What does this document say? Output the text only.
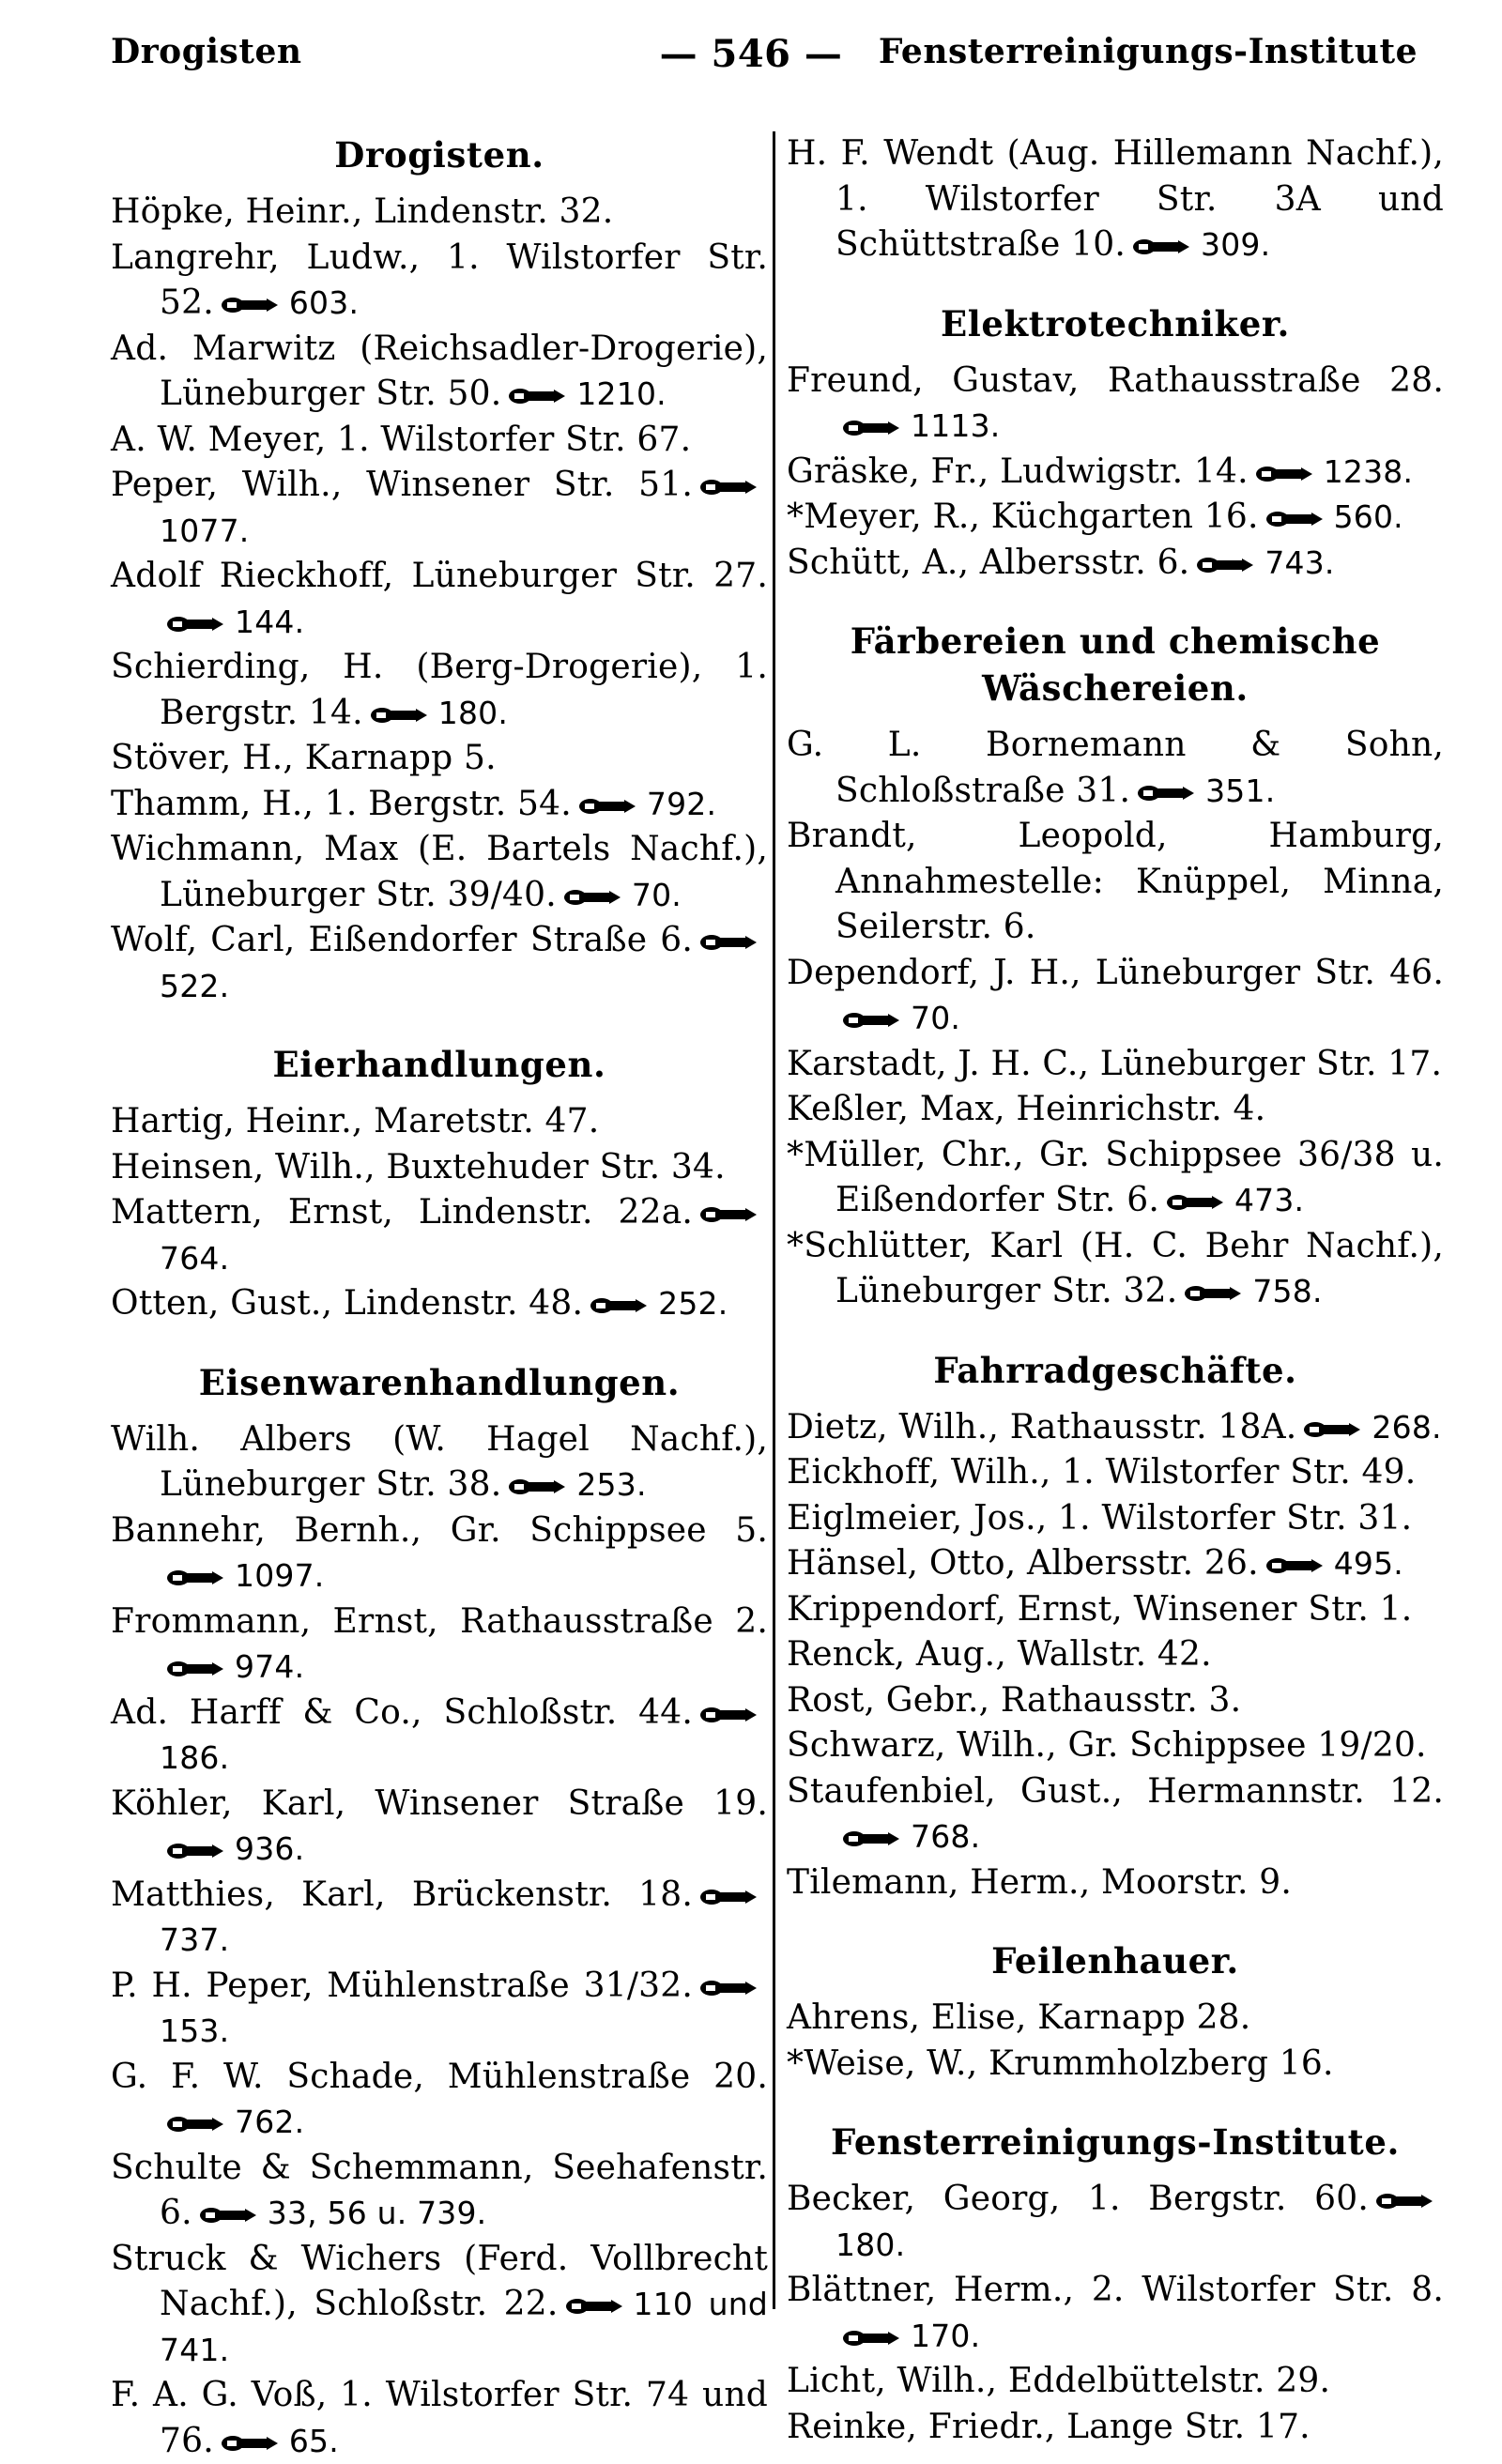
— 546 —
Drogisten	Fensterreinigungs-Institute
Drogisten.
Höpke, Heinr., Lindenstr. 32.
Langrehr, Ludw., 1. Wilstorfer Str. 52. 603.
Ad. Marwitz (Reichsadler-Drogerie), Lüneburger Str. 50. 1210.
A. W. Meyer, 1. Wilstorfer Str. 67.
Peper, Wilh., Winsener Str. 51.
1077.
Adolf Rieckhoff, Lüneburger Str. 27.
144.
Schierding, H. (Berg-Drogerie), 1. Bergstr. 14. 180.
Stöver, H., Karnapp 5.
Thamm, H., 1. Bergstr. 54. 792.
Wichmann, Max (E. Bartels Nachf.), Lüneburger Str. 39/40. 70.
Wolf, Carl, Eißendorfer Straße 6.
522.
Eierhandlungen.
Hartig, Heinr., Maretstr. 47.
Heinsen, Wilh., Buxtehuder Str. 34.
Mattern, Ernst, Lindenstr. 22a.
764.
Otten, Gust., Lindenstr. 48. 252.
Eisenwarenhandlungen.
Wilh. Albers (W. Hagel Nachf.), Lüneburger Str. 38. 253.
Bannehr, Bernh., Gr. Schippsee 5.
1097.
Frommann, Ernst, Rathausstraße 2.
974.
Ad. Harff & Co., Schloßstr. 44.
186.
Köhler, Karl, Winsener Straße 19.
936.
Matthies, Karl, Brückenstr. 18.
737.
P. H. Peper, Mühlenstraße 31/32.
153.
G. F. W. Schade, Mühlenstraße 20.
762.
Schulte & Schemmann, Seehafenstr. 6. 33, 56 u. 739.
Struck & Wichers (Ferd. Vollbrecht Nachf.), Schloßstr. 22. 110 und 741.
F. A. G. Voß, 1. Wilstorfer Str. 74 und 76. 65.
H. F. Wendt (Aug. Hillemann Nachf.), 1. Wilstorfer Str. 3A und Schüttstraße 10. 309.
Elektrotechniker.
Freund, Gustav, Rathausstraße 28.
1113.
Gräske, Fr., Ludwigstr. 14. 1238.
*Meyer, R., Küchgarten 16. 560.
Schütt, A., Albersstr. 6. 743.
Färbereien und chemische Wäschereien.
G. L. Bornemann & Sohn, Schloßstraße 31. 351.
Brandt, Leopold, Hamburg, Annahmestelle: Knüppel, Minna, Seilerstr. 6.
Dependorf, J. H., Lüneburger Str. 46.
70.
Karstadt, J. H. C., Lüneburger Str. 17.
Keßler, Max, Heinrichstr. 4.
*Müller, Chr., Gr. Schippsee 36/38 u. Eißendorfer Str. 6. 473.
*Schlütter, Karl (H. C. Behr Nachf.), Lüneburger Str. 32. 758.
Fahrradgeschäfte.
Dietz, Wilh., Rathausstr. 18A. 268.
Eickhoff, Wilh., 1. Wilstorfer Str. 49.
Eiglmeier, Jos., 1. Wilstorfer Str. 31.
Hänsel, Otto, Albersstr. 26. 495.
Krippendorf, Ernst, Winsener Str. 1.
Renck, Aug., Wallstr. 42.
Rost, Gebr., Rathausstr. 3.
Schwarz, Wilh., Gr. Schippsee 19/20.
Staufenbiel, Gust., Hermannstr. 12.
768.
Tilemann, Herm., Moorstr. 9.
Feilenhauer.
Ahrens, Elise, Karnapp 28.
*Weise, W., Krummholzberg 16.
Fensterreinigungs-Institute.
Becker, Georg, 1. Bergstr. 60.
180.
Blättner, Herm., 2. Wilstorfer Str. 8.
170.
Licht, Wilh., Eddelbüttelstr. 29.
Reinke, Friedr., Lange Str. 17.
